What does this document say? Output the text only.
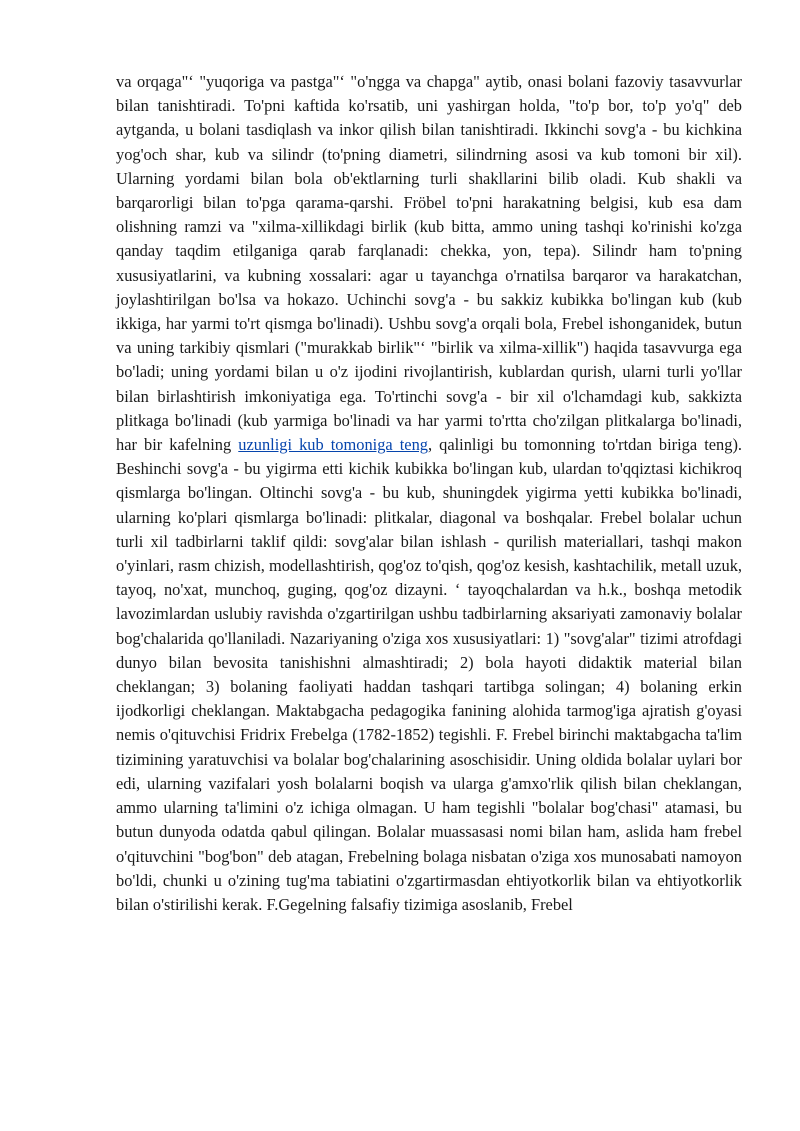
va orqaga"‘ "yuqoriga va pastga"‘ "o'ngga va chapga" aytib, onasi bolani fazoviy tasavvurlar bilan tanishtiradi. To'pni kaftida ko'rsatib, uni yashirgan holda, "to'p bor, to'p yo'q" deb aytganda, u bolani tasdiqlash va inkor qilish bilan tanishtiradi. Ikkinchi sovg'a - bu kichkina yog'och shar, kub va silindr (to'pning diametri, silindrning asosi va kub tomoni bir xil). Ularning yordami bilan bola ob'ektlarning turli shakllarini bilib oladi. Kub shakli va barqarorligi bilan to'pga qarama-qarshi. Fröbel to'pni harakatning belgisi, kub esa dam olishning ramzi va "xilma-xillikdagi birlik (kub bitta, ammo uning tashqi ko'rinishi ko'zga qanday taqdim etilganiga qarab farqlanadi: chekka, yon, tepa). Silindr ham to'pning xususiyatlarini, va kubning xossalari: agar u tayanchga o'rnatilsa barqaror va harakatchan, joylashtirilgan bo'lsa va hokazo. Uchinchi sovg'a - bu sakkiz kubikka bo'lingan kub (kub ikkiga, har yarmi to'rt qismga bo'linadi). Ushbu sovg'a orqali bola, Frebel ishonganidek, butun va uning tarkibiy qismlari ("murakkab birlik"‘ "birlik va xilma-xillik") haqida tasavvurga ega bo'ladi; uning yordami bilan u o'z ijodini rivojlantirish, kublardan qurish, ularni turli yo'llar bilan birlashtirish imkoniyatiga ega. To'rtinchi sovg'a - bir xil o'lchamdagi kub, sakkizta plitkaga bo'linadi (kub yarmiga bo'linadi va har yarmi to'rtta cho'zilgan plitkalarga bo'linadi, har bir kafelning uzunligi kub tomoniga teng, qalinligi bu tomonning to'rtdan biriga teng). Beshinchi sovg'a - bu yigirma etti kichik kubikka bo'lingan kub, ulardan to'qqiztasi kichikroq qismlarga bo'lingan. Oltinchi sovg'a - bu kub, shuningdek yigirma yetti kubikka bo'linadi, ularning ko'plari qismlarga bo'linadi: plitkalar, diagonal va boshqalar. Frebel bolalar uchun turli xil tadbirlarni taklif qildi: sovg'alar bilan ishlash - qurilish materiallari, tashqi makon o'yinlari, rasm chizish, modellashtirish, qog'oz to'qish, qog'oz kesish, kashtachilik, metall uzuk, tayoq, no'xat, munchoq, guging, qog'oz dizayni. ‘ tayoqchalardan va h.k., boshqa metodik lavozimlardan uslubiy ravishda o'zgartirilgan ushbu tadbirlarning aksariyati zamonaviy bolalar bog'chalarida qo'llaniladi. Nazariyaning o'ziga xos xususiyatlari: 1) "sovg'alar" tizimi atrofdagi dunyo bilan bevosita tanishishni almashtiradi; 2) bola hayoti didaktik material bilan cheklangan; 3) bolaning faoliyati haddan tashqari tartibga solingan; 4) bolaning erkin ijodkorligi cheklangan. Maktabgacha pedagogika fanining alohida tarmog'iga ajratish g'oyasi nemis o'qituvchisi Fridrix Frebelga (1782-1852) tegishli. F. Frebel birinchi maktabgacha ta'lim tizimining yaratuvchisi va bolalar bog'chalarining asoschisidir. Uning oldida bolalar uylari bor edi, ularning vazifalari yosh bolalarni boqish va ularga g'amxo'rlik qilish bilan cheklangan, ammo ularning ta'limini o'z ichiga olmagan. U ham tegishli "bolalar bog'chasi" atamasi, bu butun dunyoda odatda qabul qilingan. Bolalar muassasasi nomi bilan ham, aslida ham frebel o'qituvchini "bog'bon" deb atagan, Frebelning bolaga nisbatan o'ziga xos munosabati namoyon bo'ldi, chunki u o'zining tug'ma tabiatini o'zgartirmasdan ehtiyotkorlik bilan va ehtiyotkorlik bilan o'stirilishi kerak. F.Gegelning falsafiy tizimiga asoslanib, Frebel
